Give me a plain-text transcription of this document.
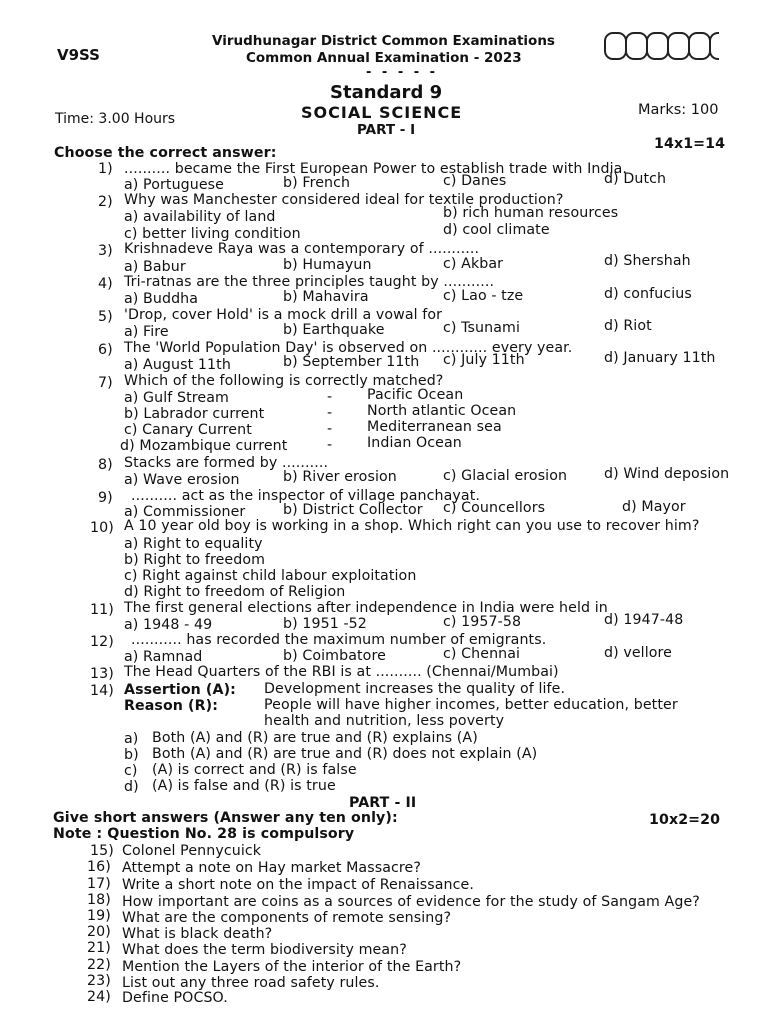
V9SS
Virudhunagar District Common Examinations
Common Annual Examination - 2023
- - - - -
Standard 9
SOCIAL SCIENCE
PART - I
Time: 3.00 Hours
Marks: 100
Choose the correct answer:
14x1=14
1) .......... became the First European Power to establish trade with India.
a) Portuguese	b) French	c) Danes	d) Dutch
2) Why was Manchester considered ideal for textile production?
a) availability of land	b) rich human resources
c) better living condition	d) cool climate
3) Krishnadeve Raya was a contemporary of ...........
a) Babur	b) Humayun	c) Akbar	d) Shershah
4) Tri-ratnas are the three principles taught by ...........
a) Buddha	b) Mahavira	c) Lao - tze	d) confucius
5) 'Drop, cover Hold' is a mock drill a vowal for
a) Fire	b) Earthquake	c) Tsunami	d) Riot
6) The 'World Population Day' is observed on ............ every year.
a) August 11th	b) September 11th c) July 11th	d) January 11th
7) Which of the following is correctly matched?
a) Gulf Stream	- Pacific Ocean
b) Labrador current	- North atlantic Ocean
c) Canary Current	- Mediterranean sea
d) Mozambique current	- Indian Ocean
8) Stacks are formed by ..........
a) Wave erosion	b) River erosion	c) Glacial erosion	d) Wind deposion
9) .......... act as the inspector of village panchayat.
a) Commissioner	b) District Collector c) Councellors	d) Mayor
10) A 10 year old boy is working in a shop. Which right can you use to recover him?
a) Right to equality
b) Right to freedom
c) Right against child labour exploitation
d) Right to freedom of Religion
11) The first general elections after independence in India were held in
a) 1948 - 49	b) 1951 -52	c) 1957-58	d) 1947-48
12) ........... has recorded the maximum number of emigrants.
a) Ramnad	b) Coimbatore	c) Chennai	d) vellore
13) The Head Quarters of the RBI is at .......... (Chennai/Mumbai)
14) Assertion (A): Development increases the quality of life.
Reason (R):	People will have higher incomes, better education, better
health and nutrition, less poverty
a) Both (A) and (R) are true and (R) explains (A)
b) Both (A) and (R) are true and (R) does not explain (A)
c) (A) is correct and (R) is false
d) (A) is false and (R) is true
PART - II
Give short answers (Answer any ten only):	10x2=20
Note : Question No. 28 is compulsory
15) Colonel Pennycuick
16) Attempt a note on Hay market Massacre?
17) Write a short note on the impact of Renaissance.
18) How important are coins as a sources of evidence for the study of Sangam Age?
19) What are the components of remote sensing?
20) What is black death?
21) What does the term biodiversity mean?
22) Mention the Layers of the interior of the Earth?
23) List out any three road safety rules.
24) Define POCSO.
